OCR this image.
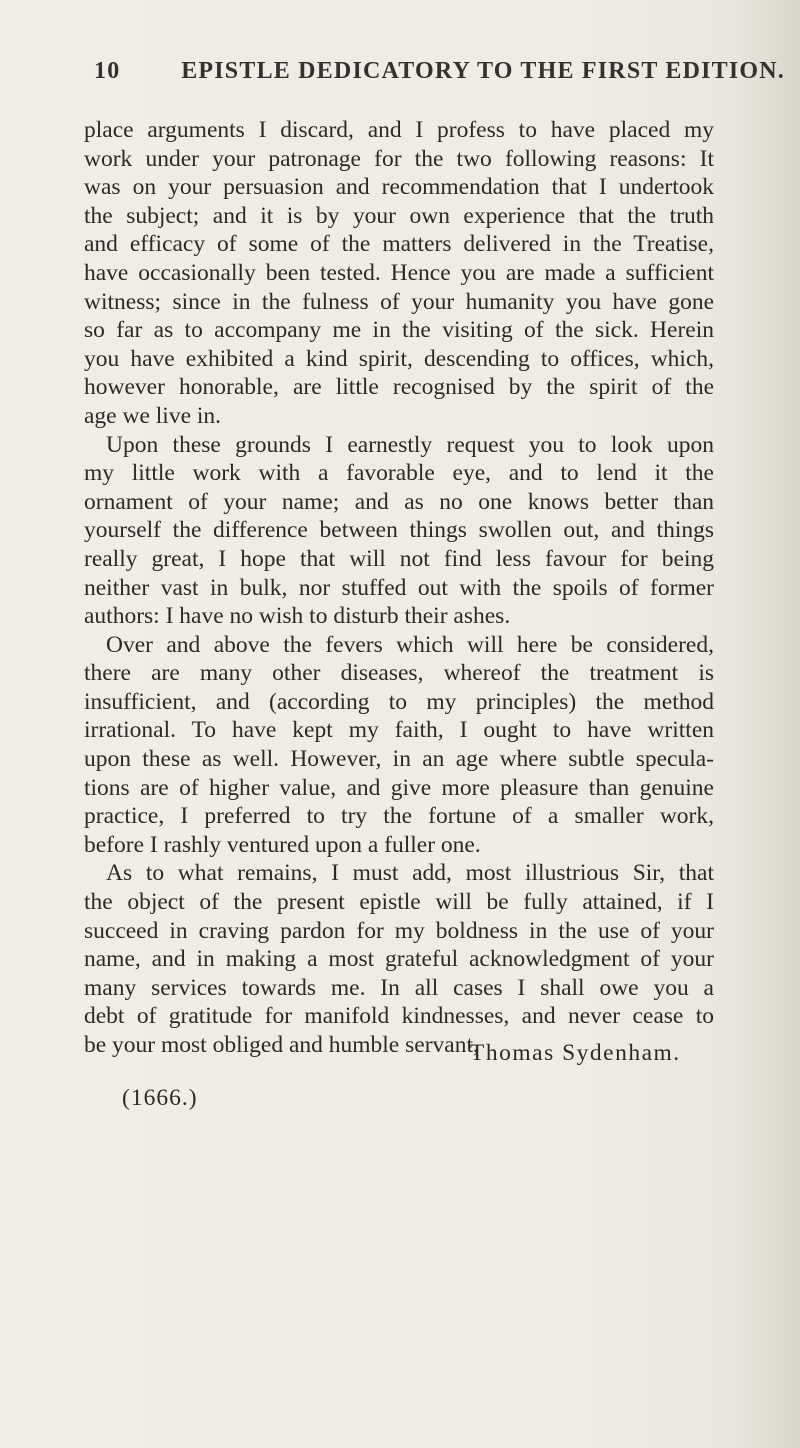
10	EPISTLE DEDICATORY TO THE FIRST EDITION.
place arguments I discard, and I profess to have placed my
work under your patronage for the two following reasons: It
was on your persuasion and recommendation that I undertook
the subject; and it is by your own experience that the truth
and efficacy of some of the matters delivered in the Treatise,
have occasionally been tested. Hence you are made a sufficient
witness; since in the fulness of your humanity you have gone
so far as to accompany me in the visiting of the sick. Herein
you have exhibited a kind spirit, descending to offices, which,
however honorable, are little recognised by the spirit of the
age we live in.
Upon these grounds I earnestly request you to look upon
my little work with a favorable eye, and to lend it the
ornament of your name; and as no one knows better than
yourself the difference between things swollen out, and things
really great, I hope that will not find less favour for being
neither vast in bulk, nor stuffed out with the spoils of former
authors: I have no wish to disturb their ashes.
Over and above the fevers which will here be considered,
there are many other diseases, whereof the treatment is
insufficient, and (according to my principles) the method
irrational. To have kept my faith, I ought to have written
upon these as well. However, in an age where subtle specula-
tions are of higher value, and give more pleasure than genuine
practice, I preferred to try the fortune of a smaller work,
before I rashly ventured upon a fuller one.
As to what remains, I must add, most illustrious Sir, that
the object of the present epistle will be fully attained, if I
succeed in craving pardon for my boldness in the use of your
name, and in making a most grateful acknowledgment of your
many services towards me. In all cases I shall owe you a
debt of gratitude for manifold kindnesses, and never cease to
be your most obliged and humble servant,
Thomas Sydenham.
(1666.)
